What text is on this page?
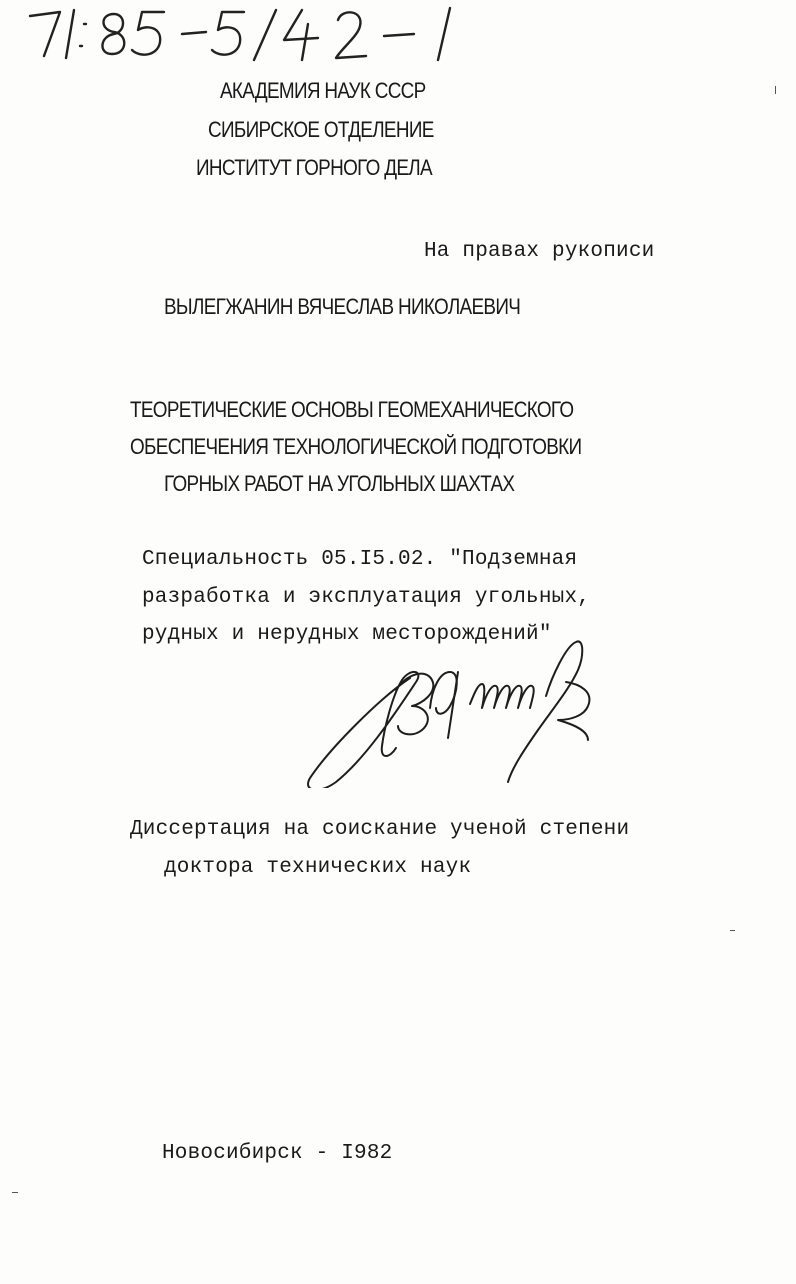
АКАДЕМИЯ НАУК СССР
СИБИРСКОЕ ОТДЕЛЕНИЕ
ИНСТИТУТ ГОРНОГО ДЕЛА
На правах рукописи
ВЫЛЕГЖАНИН ВЯЧЕСЛАВ НИКОЛАЕВИЧ
ТЕОРЕТИЧЕСКИЕ ОСНОВЫ ГЕОМЕХАНИЧЕСКОГО
ОБЕСПЕЧЕНИЯ ТЕХНОЛОГИЧЕСКОЙ ПОДГОТОВКИ
ГОРНЫХ РАБОТ НА УГОЛЬНЫХ ШАХТАХ
Специальность 05.I5.02. "Подземная
разработка и эксплуатация угольных,
рудных и нерудных месторождений"
Диссертация на соискание ученой степени
доктора технических наук
Новосибирск - I982
